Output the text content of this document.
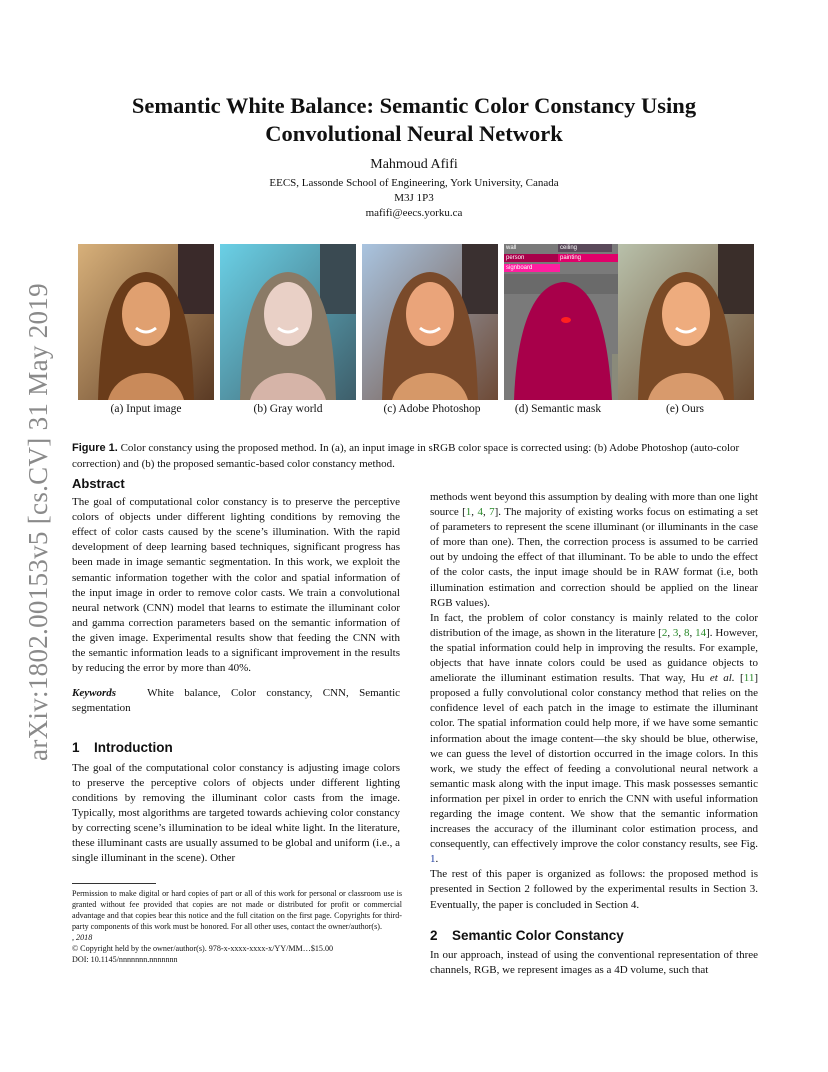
arXiv:1802.00153v5 [cs.CV] 31 May 2019
Semantic White Balance: Semantic Color Constancy Using
Convolutional Neural Network
Mahmoud Afifi
EECS, Lassonde School of Engineering, York University, Canada
M3J 1P3
mafifi@eecs.yorku.ca
wall	ceiling
person	painting
signboard
(a) Input image	(b) Gray world	(c) Adobe Photoshop	(d) Semantic mask	(e) Ours
Figure 1. Color constancy using the proposed method. In (a), an input image in sRGB color space is corrected using: (b) Adobe Photoshop (auto-color correction) and (b) the proposed semantic-based color constancy method.
Abstract

The goal of computational color constancy is to preserve the perceptive colors of objects under different lighting conditions by removing the effect of color casts caused by the scene’s illumination. With the rapid development of deep learning based techniques, significant progress has been made in image semantic segmentation. In this work, we exploit the semantic information together with the color and spatial information of the input image in order to remove color casts. We train a convolutional neural network (CNN) model that learns to estimate the illuminant color and gamma correction parameters based on the semantic information of the given image. Experimental results show that feeding the CNN with the semantic information leads to a significant improvement in the results by reducing the error by more than 40%.

Keywords	White balance, Color constancy, CNN, Semantic segmentation

1 Introduction

The goal of the computational color constancy is adjusting image colors to preserve the perceptive colors of objects under different lighting conditions by removing the illuminant color casts from the image. Typically, most algorithms are targeted towards achieving color constancy by correcting scene’s illumination to be ideal white light. In the literature, these illuminant casts are usually assumed to be global and uniform (i.e., a single illuminant in the scene). Other

methods went beyond this assumption by dealing with more than one light source [1, 4, 7]. The majority of existing works focus on estimating a set of parameters to represent the scene illuminant (or illuminants in the case of more than one). Then, the correction process is assumed to be carried out by undoing the effect of that illuminant. To be able to undo the effect of the color casts, the input image should be in RAW format (i.e, both illumination estimation and correction should be applied on the linear RGB values).

In fact, the problem of color constancy is mainly related to the color distribution of the image, as shown in the literature [2, 3, 8, 14]. However, the spatial information could help in improving the results. For example, objects that have innate colors could be used as guidance objects to ameliorate the illuminant estimation results. That way, Hu et al. [11] proposed a fully convolutional color constancy method that relies on the confidence level of each patch in the image to estimate the illuminant color. The spatial information could help more, if we have some semantic information about the image content—the sky should be blue, otherwise, we can guess the level of distortion occurred in the image colors. In this work, we study the effect of feeding a convolutional neural network a semantic mask along with the input image. This mask possesses semantic information per pixel in order to enrich the CNN with useful information regarding the image content. We show that the semantic information increases the accuracy of the illuminant color estimation process, and consequently, can effectively improve the color constancy results, see Fig. 1.

The rest of this paper is organized as follows: the proposed method is presented in Section 2 followed by the experimental results in Section 3. Eventually, the paper is concluded in Section 4.

Permission to make digital or hard copies of part or all of this work for personal or classroom use is granted without fee provided that copies are not made or distributed for profit or commercial advantage and that copies bear this notice and the full citation on the first page. Copyrights for third-party components of this work must be honored. For all other uses, contact the owner/author(s).
, 2018
© Copyright held by the owner/author(s). 978-x-xxxx-xxxx-x/YY/MM…$15.00
DOI: 10.1145/nnnnnnn.nnnnnnn
2 Semantic Color Constancy
In our approach, instead of using the conventional representation of three channels, RGB, we represent images as a 4D volume, such that
